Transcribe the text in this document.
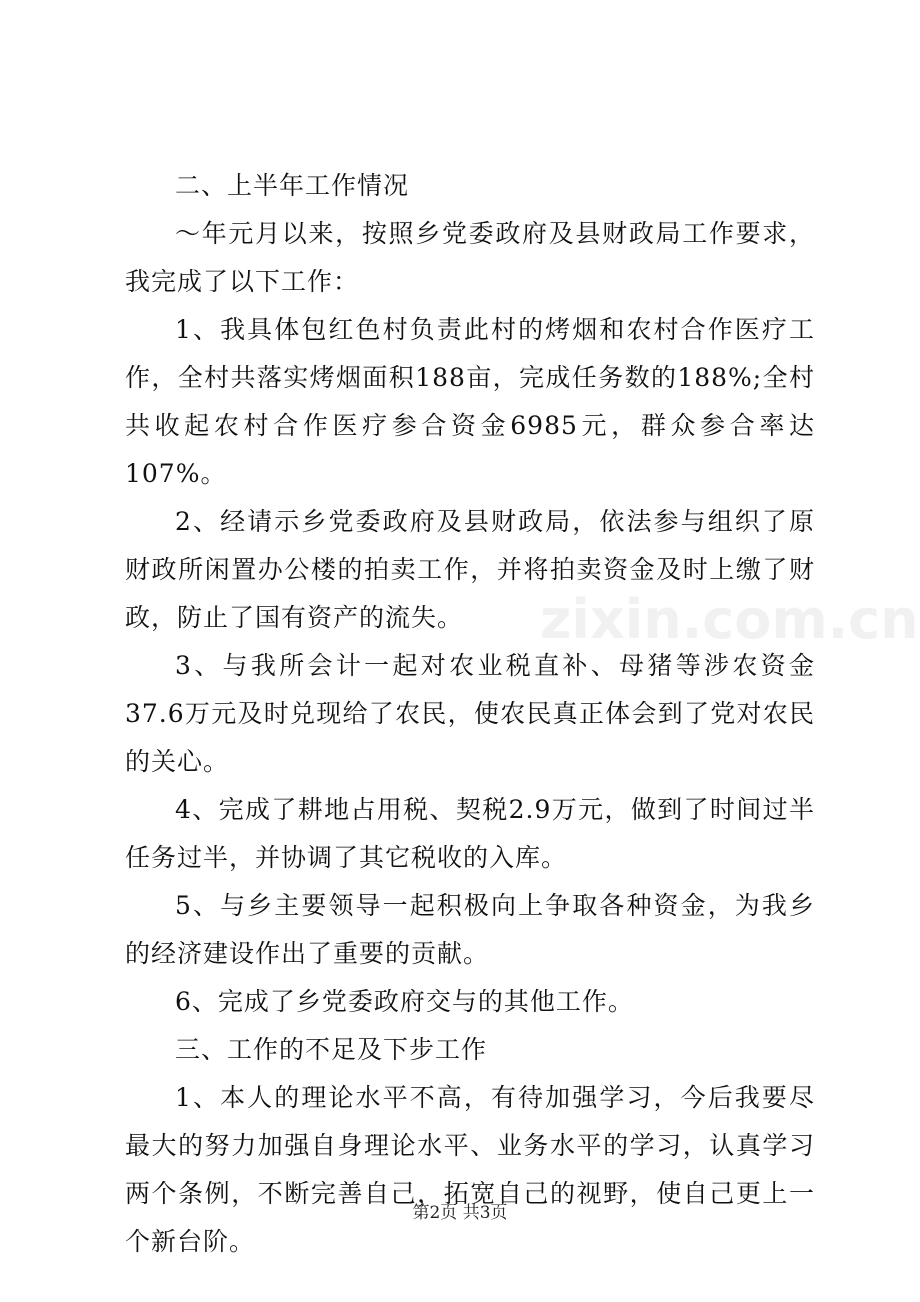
zixin.com.cn

二、上半年工作情况

～年元月以来，按照乡党委政府及县财政局工作要求，我完成了以下工作：

1、我具体包红色村负责此村的烤烟和农村合作医疗工作，全村共落实烤烟面积188亩，完成任务数的188%;全村共收起农村合作医疗参合资金6985元，群众参合率达107%。

2、经请示乡党委政府及县财政局，依法参与组织了原财政所闲置办公楼的拍卖工作，并将拍卖资金及时上缴了财政，防止了国有资产的流失。

3、与我所会计一起对农业税直补、母猪等涉农资金37.6万元及时兑现给了农民，使农民真正体会到了党对农民的关心。

4、完成了耕地占用税、契税2.9万元，做到了时间过半任务过半，并协调了其它税收的入库。

5、与乡主要领导一起积极向上争取各种资金，为我乡的经济建设作出了重要的贡献。

6、完成了乡党委政府交与的其他工作。

三、工作的不足及下步工作

1、本人的理论水平不高，有待加强学习，今后我要尽最大的努力加强自身理论水平、业务水平的学习，认真学习两个条例，不断完善自己，拓宽自己的视野，使自己更上一个新台阶。

第2页 共3页
